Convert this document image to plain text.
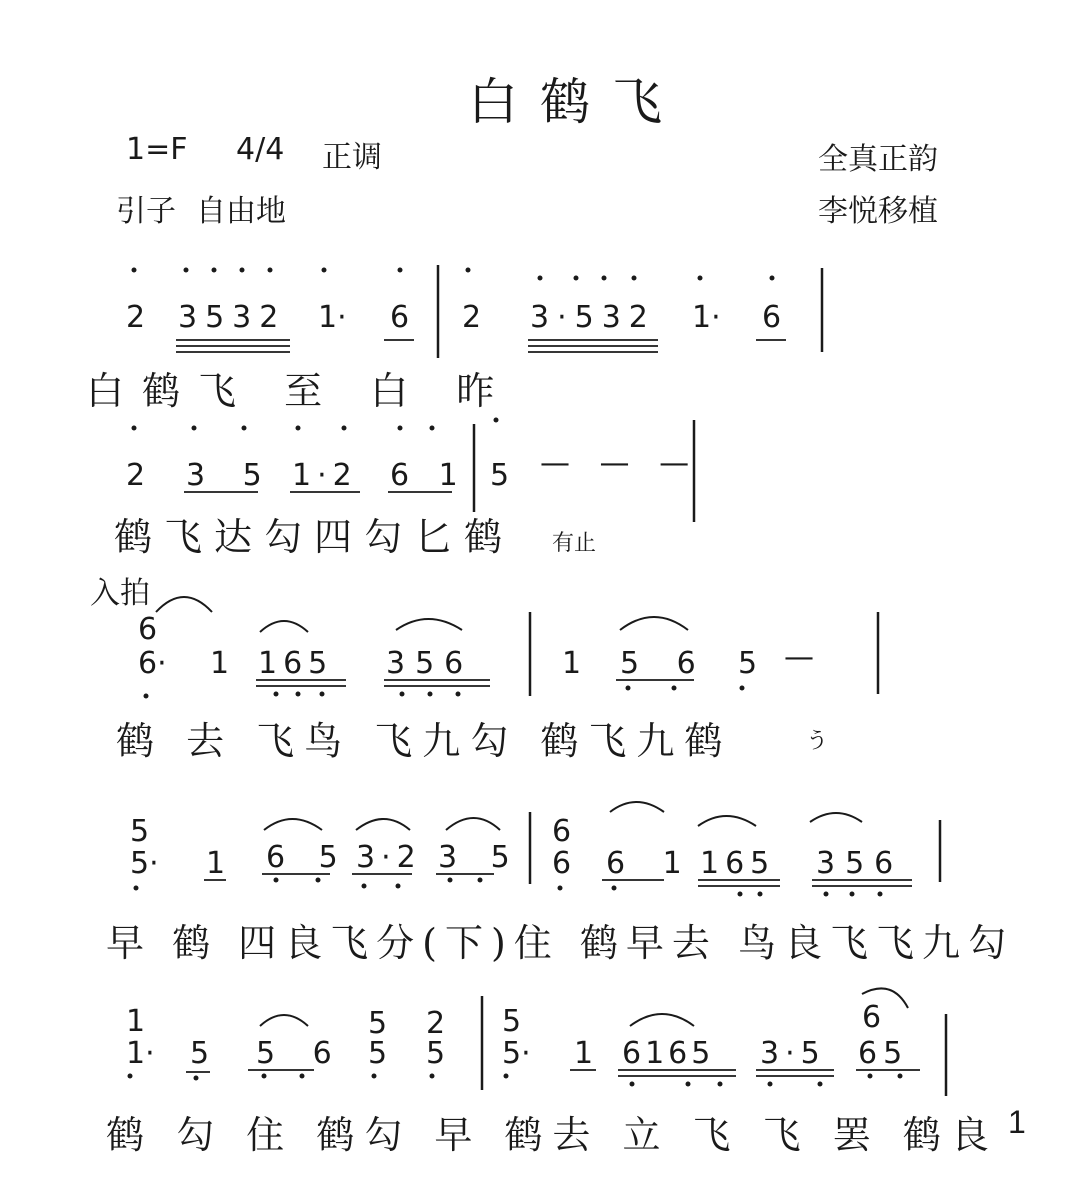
白鹤飞
1=F 4/4 正调
引子 自由地
全真正韵
李悦移植
2 3532 1· 6 2 3·532 1· 6
白鹤飞 至 白 昨
2 3 5 1·2 6 1 5 — — —
鹤飞达勾四勾匕鹤 有止
入拍
6
6· 1 165 356	1 5 6 5 —
鹤 去 飞鸟 飞九勾 鹤飞九鹤	う
5
5· 1 6 5 3·2 3 5
6
6 6 1 165 356
早 鹤 四良飞分(下)住 鹤早去 鸟良飞飞九勾
1
1· 5 5 6
5 2
5 5
5
5· 1 6165 3·5
6
65
鹤 勾 住 鹤勾 早 鹤去 立 飞 飞 罢 鹤良 1
